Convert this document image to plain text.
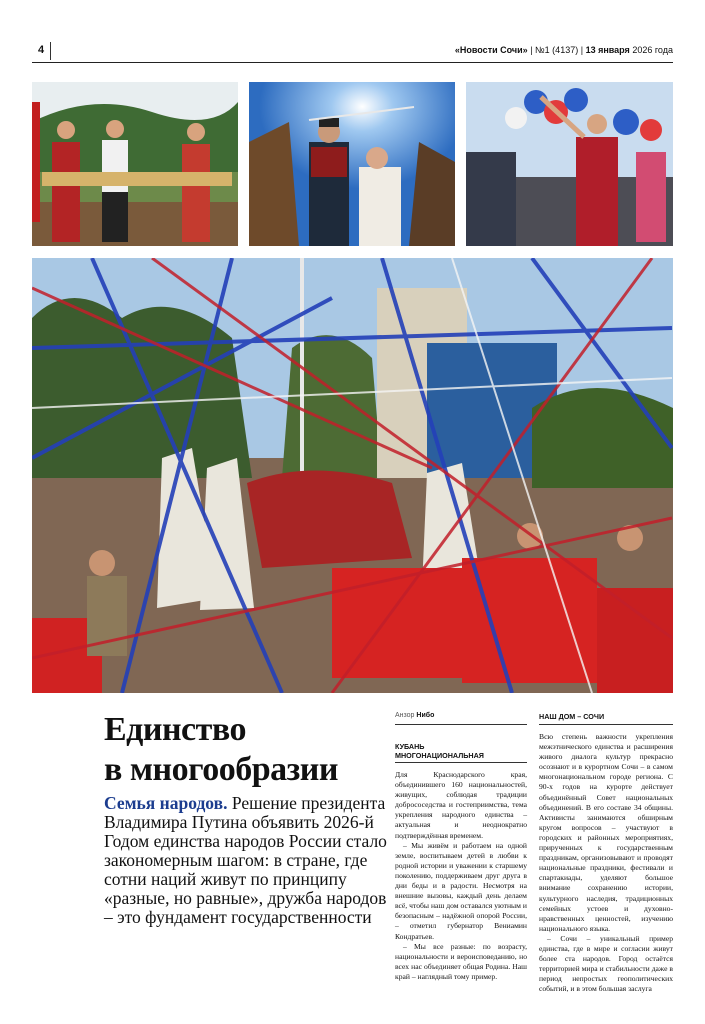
4	«Новости Сочи» | №1 (4137) | 13 января 2026 года
Единство
в многообразии

Семья народов. Решение президента Владимира Путина объявить 2026-й Годом единства народов России стало закономерным шагом: в стране, где сотни наций живут по принципу «разные, но равные», дружба народов – это фундамент государственности

Анзор Нибо
КУБАНЬ
МНОГОНАЦИОНАЛЬНАЯ

Для Краснодарского края, объединившего 160 национальностей, живущих, соблюдая традиции добрососедства и гостеприимства, тема укрепления народного единства – актуальная и неоднократно подтверждённая временем.

– Мы живём и работаем на одной земле, воспитываем детей в любви к родной истории и уважении к старшему поколению, поддерживаем друг друга в дни беды и в радости. Несмотря на внешние вызовы, каждый день делаем всё, чтобы наш дом оставался уютным и безопасным – надёжной опорой России, – отметил губернатор Вениамин Кондратьев.

– Мы все разные: по возрасту, национальности и вероисповеданию, но всех нас объединяет общая Родина. Наш край – наглядный тому пример.

НАШ ДОМ – СОЧИ

Всю степень важности укрепления межэтнического единства и расширения живого диалога культур прекрасно осознают и в курортном Сочи – в самом многонациональном городе региона. С 90-х годов на курорте действует объединённый Совет национальных объединений. В его составе 34 общины. Активисты занимаются обширным кругом вопросов – участвуют в городских и районных мероприятиях, прирученных к государственным праздникам, организовывают и проводят национальные праздники, фестивали и спартакиады, уделяют большое внимание сохранению истории, культурного наследия, традиционных семейных устоев и духовно-нравственных ценностей, изучению национального языка.

– Сочи – уникальный пример единства, где в мире и согласии живут более ста народов. Город остаётся территорией мира и стабильности даже в период непростых геополитических событий, и в этом большая заслуга
